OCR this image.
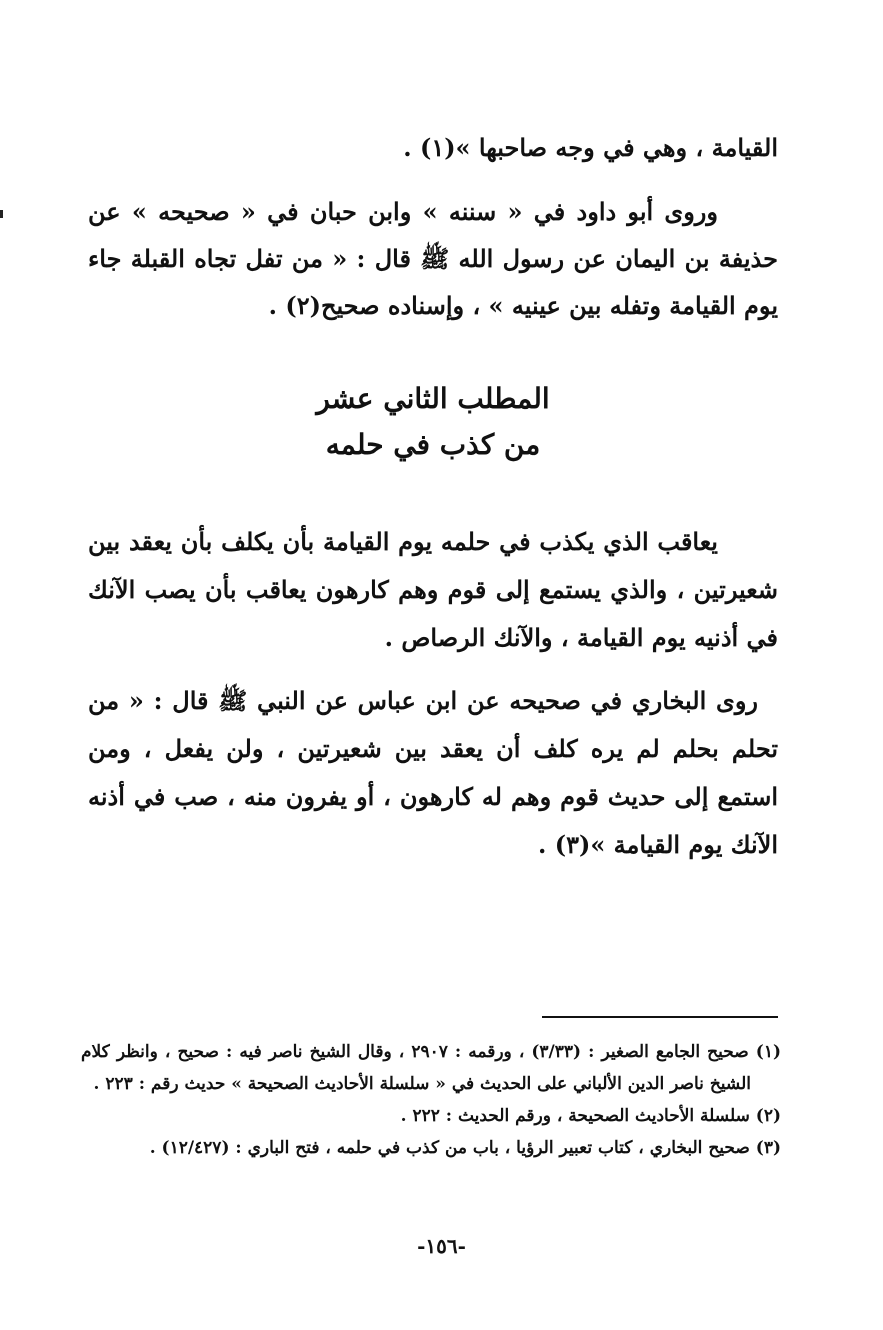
القيامة ، وهي في وجه صاحبها »(١) .

وروى أبو داود في « سننه » وابن حبان في « صحيحه » عن حذيفة بن اليمان عن رسول الله ﷺ قال : « من تفل تجاه القبلة جاء يوم القيامة وتفله بين عينيه » ، وإسناده صحيح(٢) .

المطلب الثاني عشر
من كذب في حلمه

يعاقب الذي يكذب في حلمه يوم القيامة بأن يكلف بأن يعقد بين شعيرتين ، والذي يستمع إلى قوم وهم كارهون يعاقب بأن يصب الآنك في أذنيه يوم القيامة ، والآنك الرصاص .

روى البخاري في صحيحه عن ابن عباس عن النبي ﷺ قال : « من تحلم بحلم لم يره كلف أن يعقد بين شعيرتين ، ولن يفعل ، ومن استمع إلى حديث قوم وهم له كارهون ، أو يفرون منه ، صب في أذنه الآنك يوم القيامة »(٣) .

(١) صحيح الجامع الصغير : (٣/٣٣) ، ورقمه : ٢٩٠٧ ، وقال الشيخ ناصر فيه : صحيح ، وانظر كلام الشيخ ناصر الدين الألباني على الحديث في « سلسلة الأحاديث الصحيحة » حديث رقم : ٢٢٣ .

(٢) سلسلة الأحاديث الصحيحة ، ورقم الحديث : ٢٢٢ .

(٣) صحيح البخاري ، كتاب تعبير الرؤيا ، باب من كذب في حلمه ، فتح الباري : (١٢/٤٢٧) .

-١٥٦-
